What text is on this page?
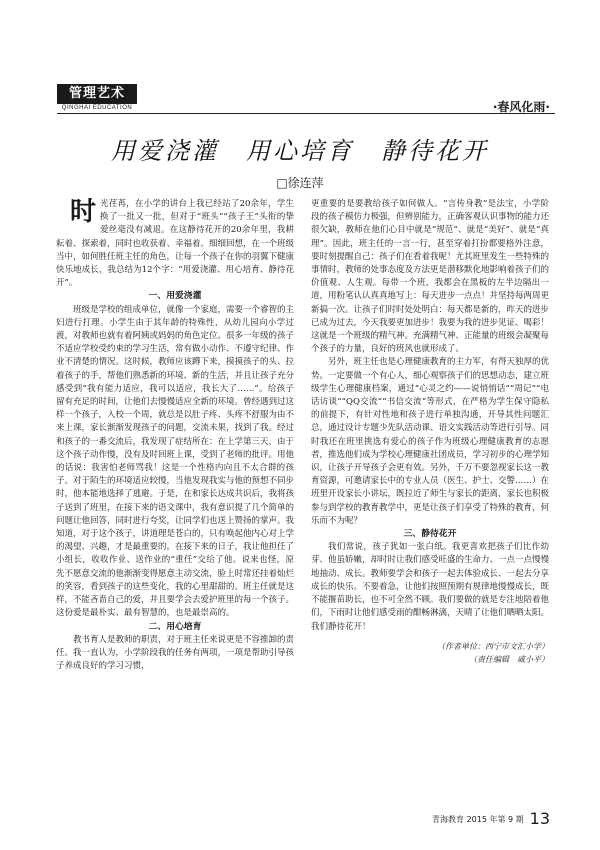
管理艺术
QINGHAI EDUCATION	·春风化雨·
用爱浇灌　用心培育　静待花开
□徐连萍

时光荏苒，在小学的讲台上我已经站了20余年，学生换了一批又一批，但对于“班头”“孩子王”头衔的挚爱丝毫没有减退。在这静待花开的20余年里，我耕耘着、探索着，同时也收获着、幸福着。细细回想，在一个班级当中，如何胜任班主任的角色，让每一个孩子在你的羽翼下健康快乐地成长，我总结为12个字：“用爱浇灌、用心培育、静待花开”。

一、用爱浇灌

班级是学校的组成单位，就像一个家庭，需要一个睿智的主妇进行打理。小学生由于其年龄的特殊性，从幼儿园向小学过渡，对教师也就有着阿姨或妈妈的角色定位。很多一年级的孩子不适应学校受约束的学习生活，常有做小动作、不遵守纪律、作业不清楚的情况。这时候，教师应该蹲下来，摸摸孩子的头、拉着孩子的手，帮他们熟悉新的环境、新的生活，并且让孩子充分感受到“我有能力适应，我可以适应，我长大了……”。给孩子留有充足的时间，让他们去慢慢适应全新的环境。曾经遇到过这样一个孩子，入校一个周，就总是以肚子疼、头疼不舒服为由不来上课，家长渐渐发现孩子的问题，交流未果，找到了我。经过和孩子的一番交流后，我发现了症结所在：在上学第三天，由于这个孩子动作慢，没有及时回班上课，受到了老师的批评。用他的话说：我害怕老师骂我！这是一个性格内向且不太合群的孩子。对于陌生的环境适应较慢，当他发现我实与他的预想不同步时，他本能地选择了逃避。于是，在和家长达成共识后，我将孩子送到了班里，在接下来的语文课中，我有意识提了几个简单的问题让他回答，同时进行夸奖，让同学们也送上赞扬的掌声。我知道，对于这个孩子，讲道理是苍白的，只有唤起他内心对上学的渴望、兴趣，才是最重要的。在接下来的日子，我让他担任了小组长，收收作业、送作业的“重任”交给了他。说来也怪，原先不愿意交流的他渐渐变得愿意主动交流，脸上时常还挂着灿烂的笑容，看到孩子的这些变化，我的心里甜甜的。班主任就是这样，不能吝啬自己的爱，并且要学会去爱护班里的每一个孩子。这份爱是最朴实、最有智慧的，也是最崇高的。

二、用心培育

教书育人是教师的职责，对于班主任来说更是不容推卸的责任。我一直认为，小学阶段我的任务有两项，一项是帮助引导孩子养成良好的学习习惯，

更重要的是要教给孩子如何做人。“言传身教”是法宝，小学阶段的孩子模仿力极强，但辨别能力，正确客观认识事物的能力还很欠缺，教师在他们心目中就是“规范”、就是“美好”、就是“真理”。因此，班主任的一言一行，甚至穿着打扮都要格外注意，要时刻提醒自己：孩子们在看着我呢！尤其班里发生一些特殊的事情时，教师的处事态度及方法更是潜移默化地影响着孩子们的价值观、人生观。每带一个班，我都会在黑板的左半边隔出一道，用粉笔认认真真地写上：每天进步一点点！并坚持每两周更新搞一次。让孩子们时时处处明白：每天都是新的，昨天的进步已成为过去，今天我要更加进步！我要为我的进步见证、喝彩！这就是一个班级的精气神。充满精气神、正能量的班级会凝聚每个孩子的力量，良好的班风也就形成了。

另外，班主任也是心理健康教育的主力军，有得天独厚的优势。一定要做一个有心人，细心观察孩子们的思想动态，建立班级学生心理健康档案，通过“心灵之约——说悄悄话”“周记”“电话访谈”“QQ交流”“书信交流”等形式，在严格为学生保守隐私的前提下，有针对性地和孩子进行单独沟通，开导其性问题汇总，通过设计专题少先队活动课、语文实践活动等进行引导。同时我还在班里挑选有爱心的孩子作为班级心理健康教育的志愿者，推选他们成为学校心理健康社团成员，学习初步的心理学知识，让孩子开导孩子会更有效。另外，千万不要忽视家长这一教育资源，可邀请家长中的专业人员（医生、护士、交警……）在班里开设家长小讲坛，既拉近了师生与家长的距离，家长也积极参与到学校的教育教学中，更是让孩子们享受了特殊的教育，何乐而不为呢？

三、静待花开

我们常说，孩子犹如一张白纸。我更喜欢把孩子们比作幼芽、他虽娇嫩，却时时让我们感受旺盛的生命力、一点一点慢慢地抽动、成长。教师要学会和孩子一起去体验成长、一起去分享成长的快乐。不要着急，让他们按照预期有规律地慢慢成长，既不能揠苗助长，也不可全然不顾。我们要做的就是专注地陪着他们，下雨时让他们感受雨的酣畅淋漓，天晴了让他们晒晒太阳。我们静待花开！

（作者单位：西宁市文汇小学）
（责任编辑　戚小平）
青海教育 2015 年第 9 期 13
